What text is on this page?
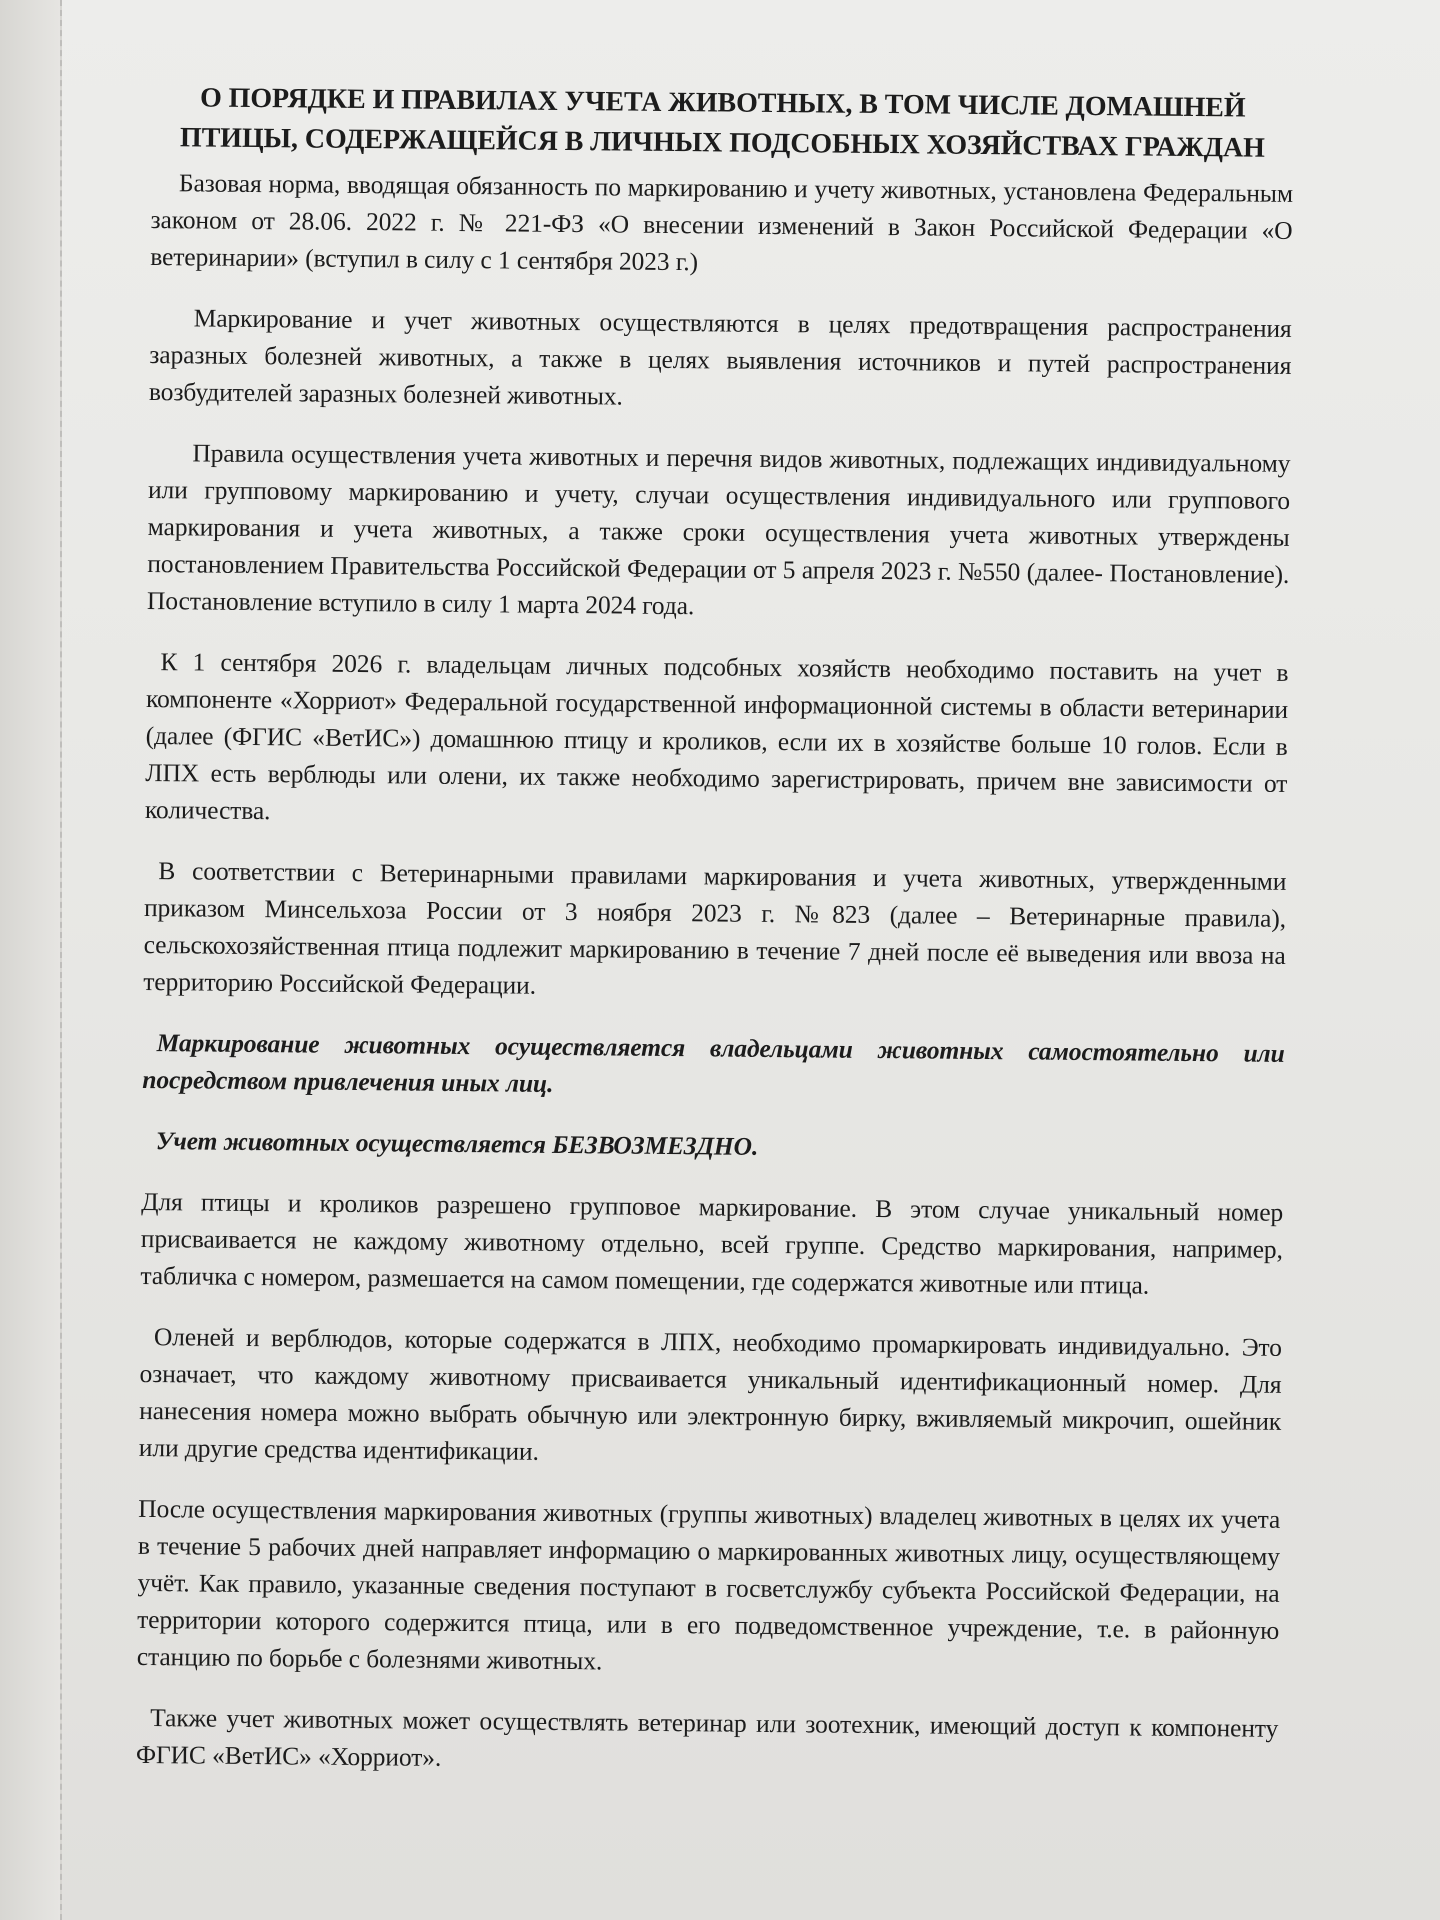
О ПОРЯДКЕ И ПРАВИЛАХ УЧЕТА ЖИВОТНЫХ, В ТОМ ЧИСЛЕ ДОМАШНЕЙ ПТИЦЫ, СОДЕРЖАЩЕЙСЯ В ЛИЧНЫХ ПОДСОБНЫХ ХОЗЯЙСТВАХ ГРАЖДАН

Базовая норма, вводящая обязанность по маркированию и учету животных, установлена Федеральным законом от 28.06. 2022 г. № 221-ФЗ «О внесении изменений в Закон Российской Федерации «О ветеринарии» (вступил в силу с 1 сентября 2023 г.)

Маркирование и учет животных осуществляются в целях предотвращения распространения заразных болезней животных, а также в целях выявления источников и путей распространения возбудителей заразных болезней животных.

Правила осуществления учета животных и перечня видов животных, подлежащих индивидуальному или групповому маркированию и учету, случаи осуществления индивидуального или группового маркирования и учета животных, а также сроки осуществления учета животных утверждены постановлением Правительства Российской Федерации от 5 апреля 2023 г. №550 (далее- Постановление). Постановление вступило в силу 1 марта 2024 года.

К 1 сентября 2026 г. владельцам личных подсобных хозяйств необходимо поставить на учет в компоненте «Хорриот» Федеральной государственной информационной системы в области ветеринарии (далее (ФГИС «ВетИС») домашнюю птицу и кроликов, если их в хозяйстве больше 10 голов. Если в ЛПХ есть верблюды или олени, их также необходимо зарегистрировать, причем вне зависимости от количества.

В соответствии с Ветеринарными правилами маркирования и учета животных, утвержденными приказом Минсельхоза России от 3 ноября 2023 г. №823 (далее – Ветеринарные правила), сельскохозяйственная птица подлежит маркированию в течение 7 дней после её выведения или ввоза на территорию Российской Федерации.

Маркирование животных осуществляется владельцами животных самостоятельно или посредством привлечения иных лиц.

Учет животных осуществляется БЕЗВОЗМЕЗДНО.

Для птицы и кроликов разрешено групповое маркирование. В этом случае уникальный номер присваивается не каждому животному отдельно, всей группе. Средство маркирования, например, табличка с номером, размешается на самом помещении, где содержатся животные или птица.

Оленей и верблюдов, которые содержатся в ЛПХ, необходимо промаркировать индивидуально. Это означает, что каждому животному присваивается уникальный идентификационный номер. Для нанесения номера можно выбрать обычную или электронную бирку, вживляемый микрочип, ошейник или другие средства идентификации.

После осуществления маркирования животных (группы животных) владелец животных в целях их учета в течение 5 рабочих дней направляет информацию о маркированных животных лицу, осуществляющему учёт. Как правило, указанные сведения поступают в госветслужбу субъекта Российской Федерации, на территории которого содержится птица, или в его подведомственное учреждение, т.е. в районную станцию по борьбе с болезнями животных.

Также учет животных может осуществлять ветеринар или зоотехник, имеющий доступ к компоненту ФГИС «ВетИС» «Хорриот».
